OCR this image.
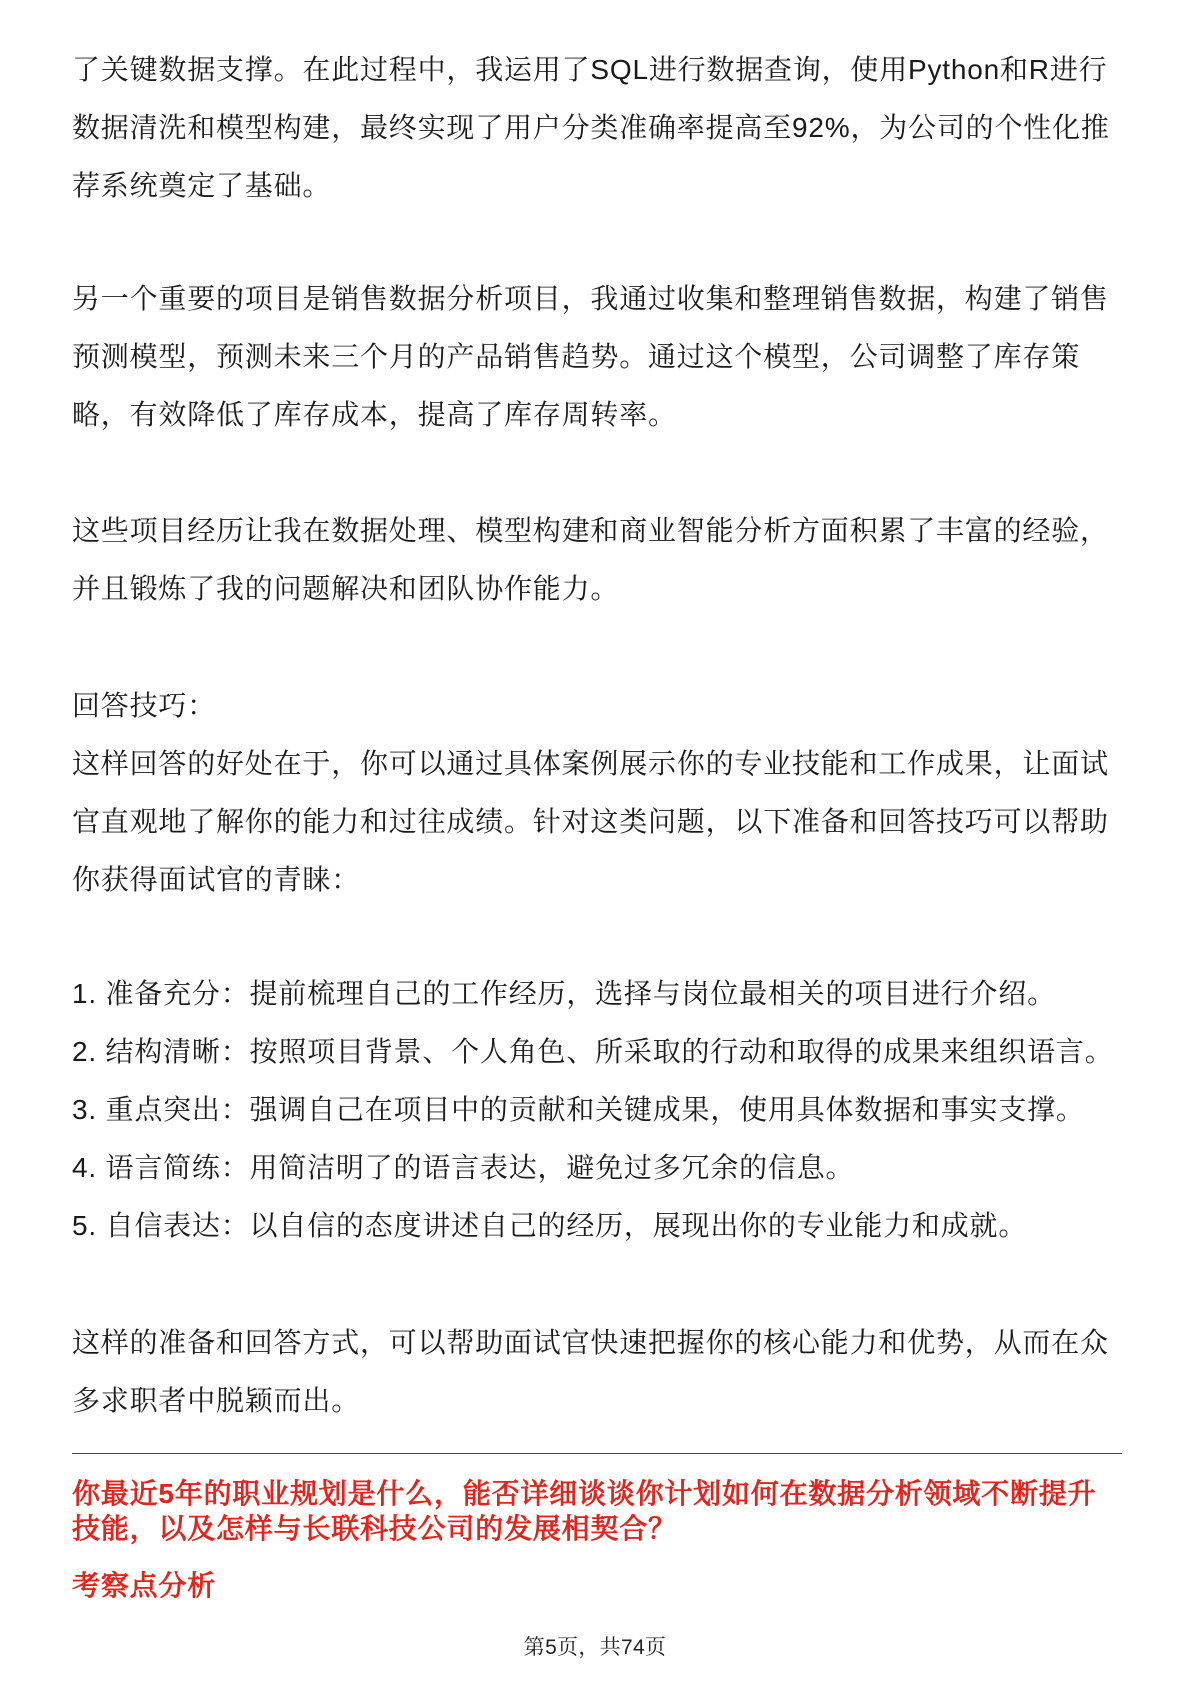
了关键数据支撑。在此过程中，我运用了SQL进行数据查询，使用Python和R进行
数据清洗和模型构建，最终实现了用户分类准确率提高至92%，为公司的个性化推
荐系统奠定了基础。
另一个重要的项目是销售数据分析项目，我通过收集和整理销售数据，构建了销售
预测模型，预测未来三个月的产品销售趋势。通过这个模型，公司调整了库存策
略，有效降低了库存成本，提高了库存周转率。
这些项目经历让我在数据处理、模型构建和商业智能分析方面积累了丰富的经验，
并且锻炼了我的问题解决和团队协作能力。
回答技巧：
这样回答的好处在于，你可以通过具体案例展示你的专业技能和工作成果，让面试
官直观地了解你的能力和过往成绩。针对这类问题，以下准备和回答技巧可以帮助
你获得面试官的青睐：
1. 准备充分：提前梳理自己的工作经历，选择与岗位最相关的项目进行介绍。
2. 结构清晰：按照项目背景、个人角色、所采取的行动和取得的成果来组织语言。
3. 重点突出：强调自己在项目中的贡献和关键成果，使用具体数据和事实支撑。
4. 语言简练：用简洁明了的语言表达，避免过多冗余的信息。
5. 自信表达：以自信的态度讲述自己的经历，展现出你的专业能力和成就。
这样的准备和回答方式，可以帮助面试官快速把握你的核心能力和优势，从而在众
多求职者中脱颖而出。
你最近5年的职业规划是什么，能否详细谈谈你计划如何在数据分析领域不断提升
技能，以及怎样与长联科技公司的发展相契合？
考察点分析
第5页，共74页
